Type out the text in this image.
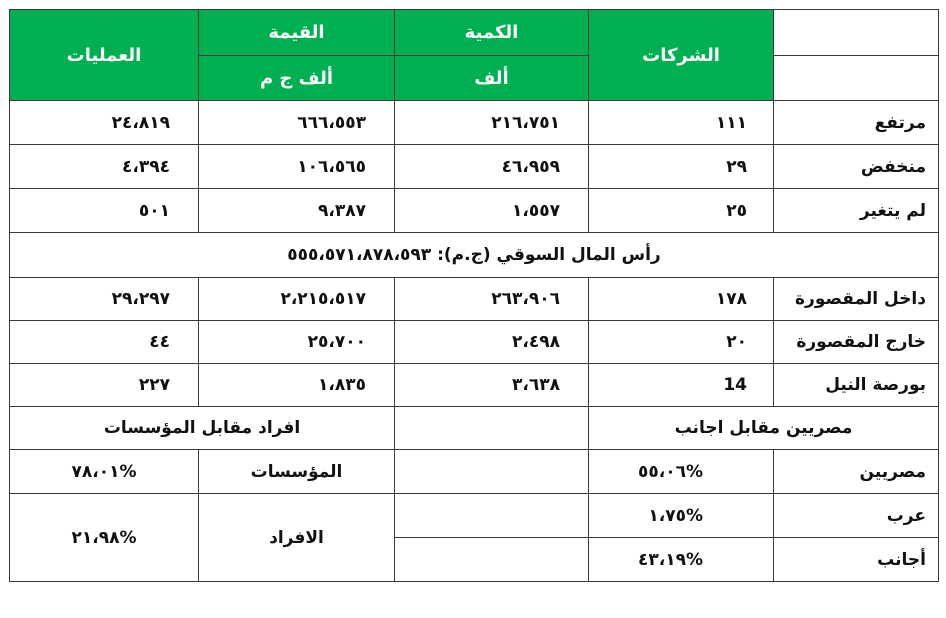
	الشركات	الكمية	القيمة	العمليات
		ألف	ألف ج م	
مرتفع	١١١	٢١٦،٧٥١	٦٦٦،٥٥٣	٢٤،٨١٩
منخفض	٢٩	٤٦،٩٥٩	١٠٦،٥٦٥	٤،٣٩٤
لم يتغير	٢٥	١،٥٥٧	٩،٣٨٧	٥٠١
رأس المال السوقي (ج.م): ٥٥٥،٥٧١،٨٧٨،٥٩٣				
داخل المقصورة	١٧٨	٢٦٣،٩٠٦	٢،٢١٥،٥١٧	٢٩،٢٩٧
خارج المقصورة	٢٠	٢،٤٩٨	٢٥،٧٠٠	٤٤
بورصة النيل	14	٣،٦٣٨	١،٨٣٥	٢٢٧
مصريين مقابل اجانب			افراد مقابل المؤسسات	
مصريين	%٥٥،٠٦		المؤسسات	%٧٨،٠١
عرب	%١،٧٥		الافراد	%٢١،٩٨
أجانب	%٤٣،١٩			
